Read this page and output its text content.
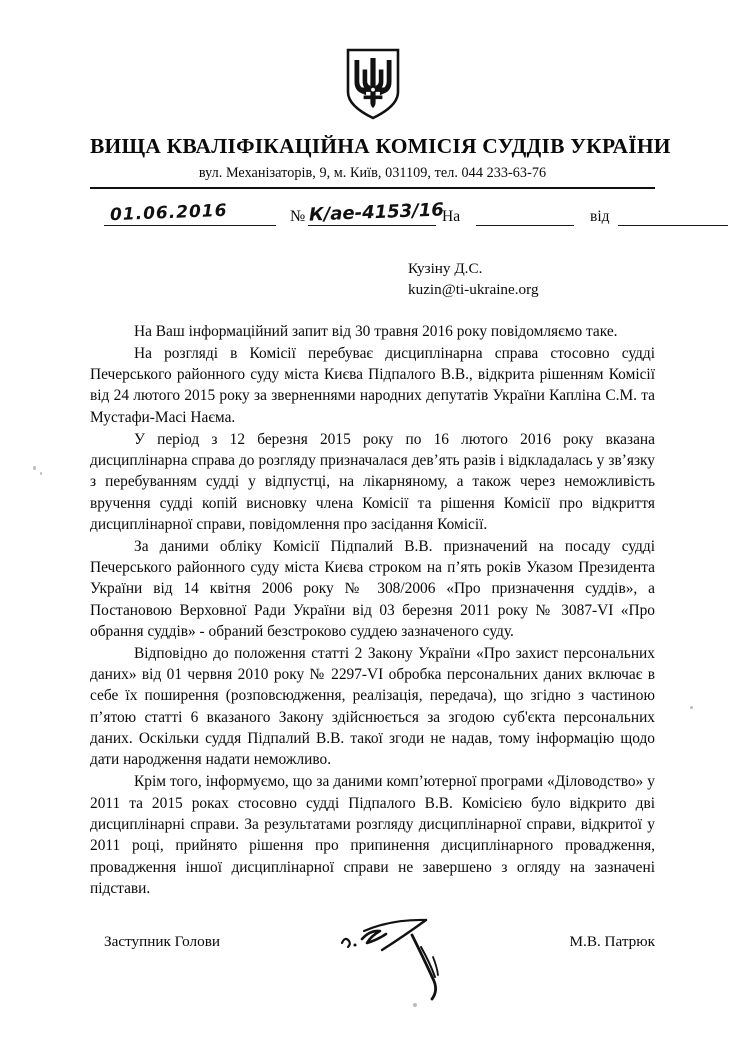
ВИЩА КВАЛІФІКАЦІЙНА КОМІСІЯ СУДДІВ УКРАЇНИ
вул. Механізаторів, 9, м. Київ, 031109, тел. 044 233-63-76
01.06.2016	№ К/ае-4153/16
На	від
Кузіну Д.С.
kuzin@ti-ukraine.org

На Ваш інформаційний запит від 30 травня 2016 року повідомляємо таке.

На розгляді в Комісії перебуває дисциплінарна справа стосовно судді Печерського районного суду міста Києва Підпалого В.В., відкрита рішенням Комісії від 24 лютого 2015 року за зверненнями народних депутатів України Капліна С.М. та Мустафи-Масі Наєма.

У період з 12 березня 2015 року по 16 лютого 2016 року вказана дисциплінарна справа до розгляду призначалася дев’ять разів і відкладалась у зв’язку з перебуванням судді у відпустці, на лікарняному, а також через неможливість вручення судді копій висновку члена Комісії та рішення Комісії про відкриття дисциплінарної справи, повідомлення про засідання Комісії.

За даними обліку Комісії Підпалий В.В. призначений на посаду судді Печерського районного суду міста Києва строком на п’ять років Указом Президента України від 14 квітня 2006 року № 308/2006 «Про призначення суддів», а Постановою Верховної Ради України від 03 березня 2011 року № 3087-VI «Про обрання суддів» - обраний безстроково суддею зазначеного суду.

Відповідно до положення статті 2 Закону України «Про захист персональних даних» від 01 червня 2010 року № 2297-VI обробка персональних даних включає в себе їх поширення (розповсюдження, реалізація, передача), що згідно з частиною п’ятою статті 6 вказаного Закону здійснюється за згодою суб'єкта персональних даних. Оскільки суддя Підпалий В.В. такої згоди не надав, тому інформацію щодо дати народження надати неможливо.

Крім того, інформуємо, що за даними комп’ютерної програми «Діловодство» у 2011 та 2015 роках стосовно судді Підпалого В.В. Комісією було відкрито дві дисциплінарні справи. За результатами розгляду дисциплінарної справи, відкритої у 2011 році, прийнято рішення про припинення дисциплінарного провадження, провадження іншої дисциплінарної справи не завершено з огляду на зазначені підстави.

Заступник Голови	М.В. Патрюк
